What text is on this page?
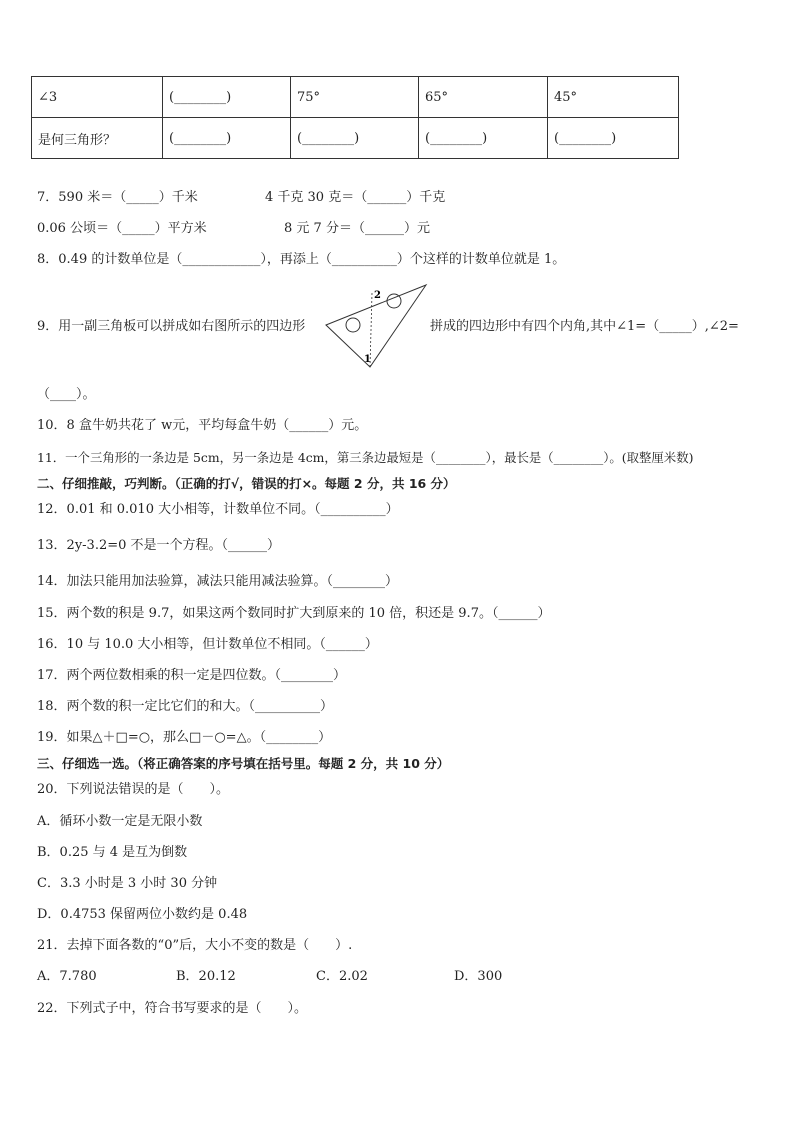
∠3	(________)	75°	65°	45°
是何三角形？	(________)	(________)	(________)	(________)
7．590 米＝（_____）千米	4 千克 30 克＝（______）千克
0.06 公顷＝（_____）平方米	8 元 7 分＝（______）元
8．0.49 的计数单位是（____________），再添上（__________）个这样的计数单位就是 1。
9．用一副三角板可以拼成如右图所示的四边形
2
1
拼成的四边形中有四个内角,其中∠1=（_____）,∠2=
（____）。
10．8 盒牛奶共花了 w元，平均每盒牛奶（______）元。
11．一个三角形的一条边是 5cm，另一条边是 4cm，第三条边最短是（________），最长是（________）。(取整厘米数)
二、仔细推敲，巧判断。（正确的打√，错误的打×。每题 2 分，共 16 分）
12．0.01 和 0.010 大小相等，计数单位不同。（__________）
13．2y-3.2=0 不是一个方程。（______）
14．加法只能用加法验算，减法只能用减法验算。（________）
15．两个数的积是 9.7，如果这两个数同时扩大到原来的 10 倍，积还是 9.7。（______）
16．10 与 10.0 大小相等，但计数单位不相同。（______）
17．两个两位数相乘的积一定是四位数。（________）
18．两个数的积一定比它们的和大。（__________）
19．如果△＋□=○，那么□－○=△。（________）
三、仔细选一选。（将正确答案的序号填在括号里。每题 2 分，共 10 分）
20．下列说法错误的是（　　）。
A．循环小数一定是无限小数
B．0.25 与 4 是互为倒数
C．3.3 小时是 3 小时 30 分钟
D．0.4753 保留两位小数约是 0.48
21．去掉下面各数的“0”后，大小不变的数是（　　）.
A．7.780	B．20.12	C．2.02	D．300
22．下列式子中，符合书写要求的是（　　）。
